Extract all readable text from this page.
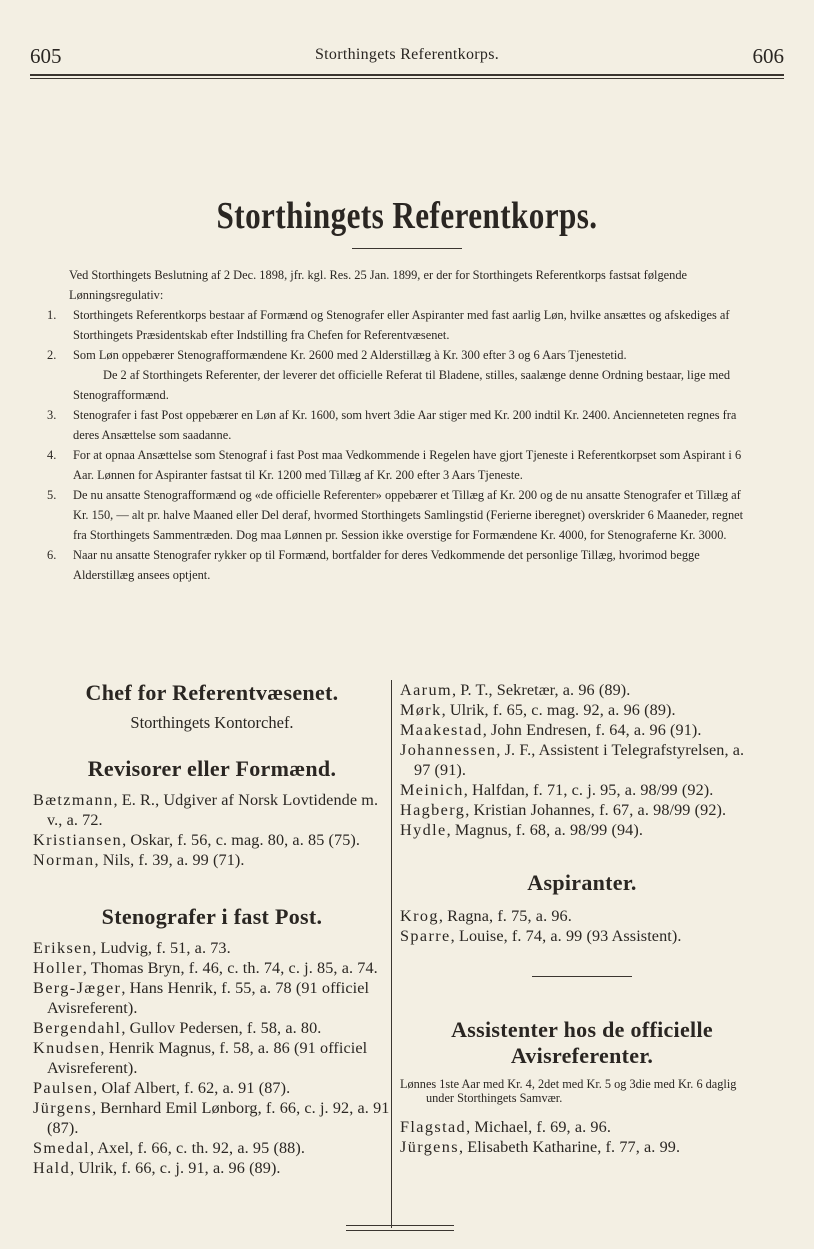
605	Storthingets Referentkorps.	606
Storthingets Referentkorps.

Ved Storthingets Beslutning af 2 Dec. 1898, jfr. kgl. Res. 25 Jan. 1899, er der for Storthingets Referentkorps fastsat følgende Lønningsregulativ:

1. Storthingets Referentkorps bestaar af Formænd og Stenografer eller Aspiranter med fast aarlig Løn, hvilke ansættes og afskediges af Storthingets Præsidentskab efter Indstilling fra Chefen for Referentvæsenet.
2. Som Løn oppebærer Stenografformændene Kr. 2600 med 2 Alderstillæg à Kr. 300 efter 3 og 6 Aars Tjenestetid.
De 2 af Storthingets Referenter, der leverer det officielle Referat til Bladene, stilles, saalænge denne Ordning bestaar, lige med Stenografformænd.
3. Stenografer i fast Post oppebærer en Løn af Kr. 1600, som hvert 3die Aar stiger med Kr. 200 indtil Kr. 2400. Ancienneteten regnes fra deres Ansættelse som saadanne.
4. For at opnaa Ansættelse som Stenograf i fast Post maa Vedkommende i Regelen have gjort Tjeneste i Referentkorpset som Aspirant i 6 Aar. Lønnen for Aspiranter fastsat til Kr. 1200 med Tillæg af Kr. 200 efter 3 Aars Tjeneste.
5. De nu ansatte Stenografformænd og «de officielle Referenter» oppebærer et Tillæg af Kr. 200 og de nu ansatte Stenografer et Tillæg af Kr. 150, — alt pr. halve Maaned eller Del deraf, hvormed Storthingets Samlingstid (Ferierne iberegnet) overskrider 6 Maaneder, regnet fra Storthingets Sammentræden. Dog maa Lønnen pr. Session ikke overstige for Formændene Kr. 4000, for Stenograferne Kr. 3000.
6. Naar nu ansatte Stenografer rykker op til Formænd, bortfalder for deres Vedkommende det personlige Tillæg, hvorimod begge Alderstillæg ansees optjent.
Chef for Referentvæsenet.

Storthingets Kontorchef.

Revisorer eller Formænd.

Bætzmann, E. R., Udgiver af Norsk Lovtidende m. v., a. 72.

Kristiansen, Oskar, f. 56, c. mag. 80, a. 85 (75).

Norman, Nils, f. 39, a. 99 (71).

Stenografer i fast Post.

Eriksen, Ludvig, f. 51, a. 73.

Holler, Thomas Bryn, f. 46, c. th. 74, c. j. 85, a. 74.

Berg-Jæger, Hans Henrik, f. 55, a. 78 (91 officiel Avisreferent).

Bergendahl, Gullov Pedersen, f. 58, a. 80.

Knudsen, Henrik Magnus, f. 58, a. 86 (91 officiel Avisreferent).

Paulsen, Olaf Albert, f. 62, a. 91 (87).

Jürgens, Bernhard Emil Lønborg, f. 66, c. j. 92, a. 91 (87).

Smedal, Axel, f. 66, c. th. 92, a. 95 (88).

Hald, Ulrik, f. 66, c. j. 91, a. 96 (89).

Aarum, P. T., Sekretær, a. 96 (89).

Mørk, Ulrik, f. 65, c. mag. 92, a. 96 (89).

Maakestad, John Endresen, f. 64, a. 96 (91).

Johannessen, J. F., Assistent i Telegrafstyrelsen, a. 97 (91).

Meinich, Halfdan, f. 71, c. j. 95, a. 98/99 (92).

Hagberg, Kristian Johannes, f. 67, a. 98/99 (92).

Hydle, Magnus, f. 68, a. 98/99 (94).

Aspiranter.

Krog, Ragna, f. 75, a. 96.

Sparre, Louise, f. 74, a. 99 (93 Assistent).

Assistenter hos de officielle
Avisreferenter.

Lønnes 1ste Aar med Kr. 4, 2det med Kr. 5 og 3die med Kr. 6 daglig under Storthingets Samvær.

Flagstad, Michael, f. 69, a. 96.

Jürgens, Elisabeth Katharine, f. 77, a. 99.
